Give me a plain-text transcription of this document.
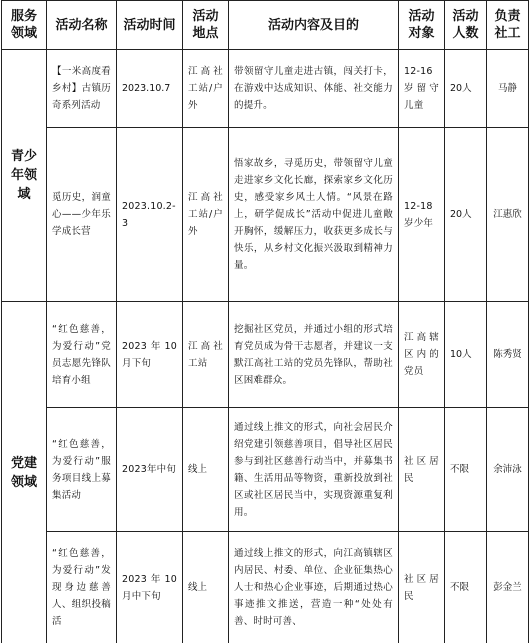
服务领域	活动名称	活动时间	活动地点	活动内容及目的	活动对象	活动人数	负责社工
青少年领域	【一米高度看乡村】古镇历奇系列活动	2023.10.7	江高社工站/户外	带领留守儿童走进古镇，闯关打卡，在游戏中达成知识、体能、社交能力的提升。	12-16岁留守儿童	20人	马静
	觅历史，润童心——少年乐学成长营	2023.10.2-3	江高社工站/户外	悟家故乡，寻觅历史，带领留守儿童走进家乡文化长廊，探索家乡文化历史，感受家乡风土人情。“风景在路上，研学促成长”活动中促进儿童敞开胸怀，缓解压力，收获更多成长与快乐，从乡村文化振兴汲取到精神力量。	12-18岁少年	20人	江惠欣
党建领域	“红色慈善，为爱行动”党员志愿先锋队培育小组	2023年10月下旬	江高社工站	挖掘社区党员，并通过小组的形式培育党员成为骨干志愿者，并建议一支默江高社工站的党员先锋队，帮助社区困难群众。	江高辖区内的党员	10人	陈秀贤
	“红色慈善，为爱行动”服务项目线上募集活动	2023年中旬	线上	通过线上推文的形式，向社会居民介绍党建引领慈善项目，倡导社区居民参与到社区慈善行动当中，并募集书籍、生活用品等物资，重新投放到社区或社区居民当中，实现资源重复利用。	社区居民	不限	余沛泳
	“红色慈善，为爱行动”发现身边慈善人、组织投稿活	2023年10月中下旬	线上	通过线上推文的形式，向江高镇辖区内居民、村委、单位、企业征集热心人士和热心企业事迹，后期通过热心事迹推文推送，营造一种“处处有善、时时可善、	社区居民	不限	彭金兰
